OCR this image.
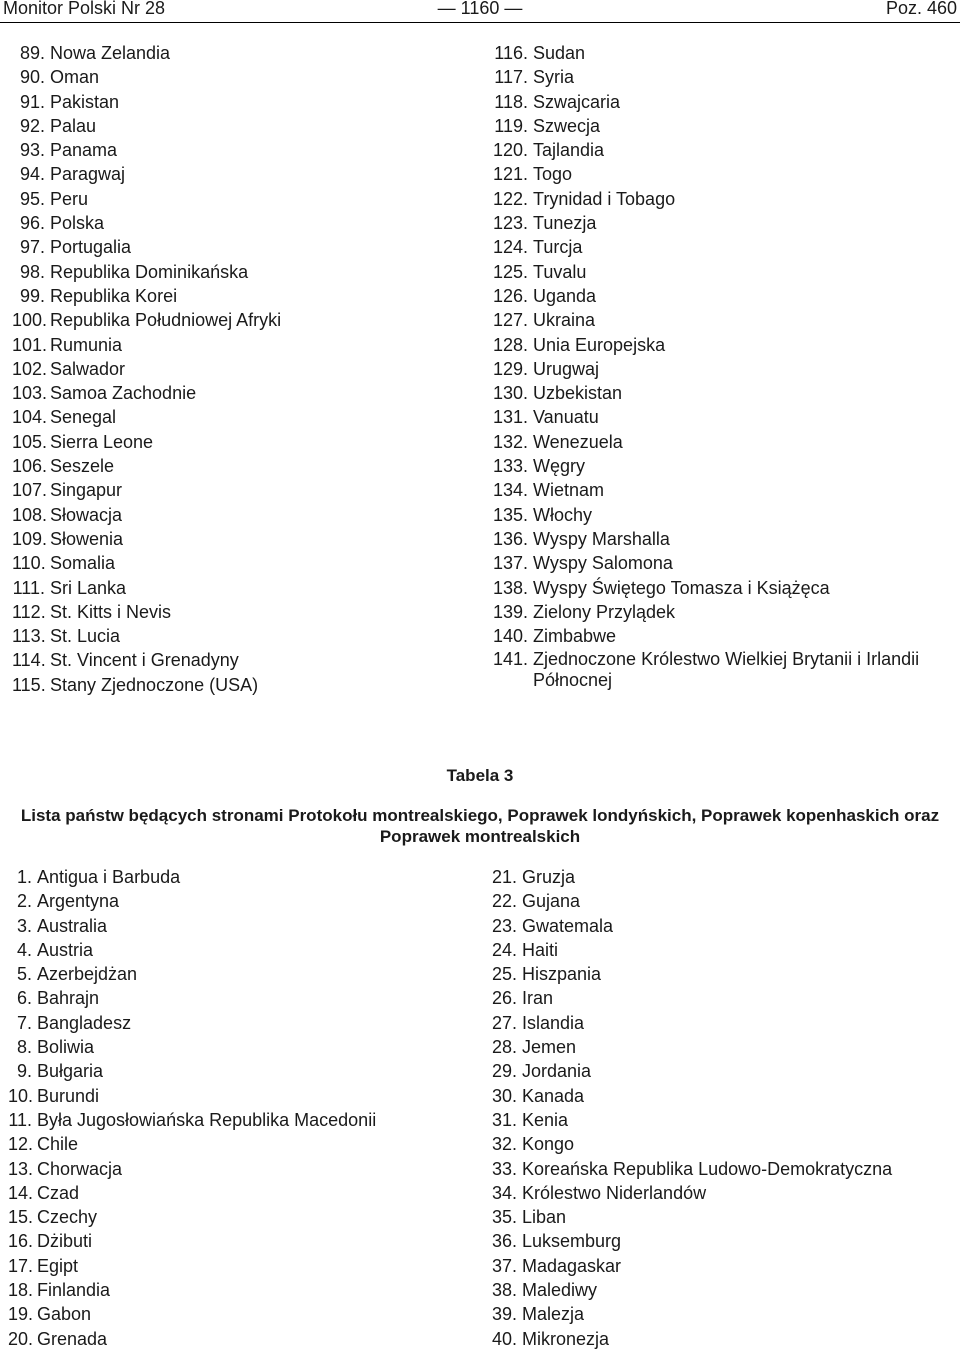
Monitor Polski Nr 28	— 1160 —	Poz. 460
89. Nowa Zelandia
90. Oman
91. Pakistan
92. Palau
93. Panama
94. Paragwaj
95. Peru
96. Polska
97. Portugalia
98. Republika Dominikańska
99. Republika Korei
100. Republika Południowej Afryki
101. Rumunia
102. Salwador
103. Samoa Zachodnie
104. Senegal
105. Sierra Leone
106. Seszele
107. Singapur
108. Słowacja
109. Słowenia
110. Somalia
111. Sri Lanka
112. St. Kitts i Nevis
113. St. Lucia
114. St. Vincent i Grenadyny
115. Stany Zjednoczone (USA)
116. Sudan
117. Syria
118. Szwajcaria
119. Szwecja
120. Tajlandia
121. Togo
122. Trynidad i Tobago
123. Tunezja
124. Turcja
125. Tuvalu
126. Uganda
127. Ukraina
128. Unia Europejska
129. Urugwaj
130. Uzbekistan
131. Vanuatu
132. Wenezuela
133. Węgry
134. Wietnam
135. Włochy
136. Wyspy Marshalla
137. Wyspy Salomona
138. Wyspy Świętego Tomasza i Książęca
139. Zielony Przylądek
140. Zimbabwe
141. Zjednoczone Królestwo Wielkiej Brytanii i Irlandii Północnej
Tabela 3
Lista państw będących stronami Protokołu montrealskiego, Poprawek londyńskich, Poprawek kopenhaskich oraz Poprawek montrealskich
1. Antigua i Barbuda
2. Argentyna
3. Australia
4. Austria
5. Azerbejdżan
6. Bahrajn
7. Bangladesz
8. Boliwia
9. Bułgaria
10. Burundi
11. Była Jugosłowiańska Republika Macedonii
12. Chile
13. Chorwacja
14. Czad
15. Czechy
16. Dżibuti
17. Egipt
18. Finlandia
19. Gabon
20. Grenada
21. Gruzja
22. Gujana
23. Gwatemala
24. Haiti
25. Hiszpania
26. Iran
27. Islandia
28. Jemen
29. Jordania
30. Kanada
31. Kenia
32. Kongo
33. Koreańska Republika Ludowo-Demokratyczna
34. Królestwo Niderlandów
35. Liban
36. Luksemburg
37. Madagaskar
38. Malediwy
39. Malezja
40. Mikronezja
